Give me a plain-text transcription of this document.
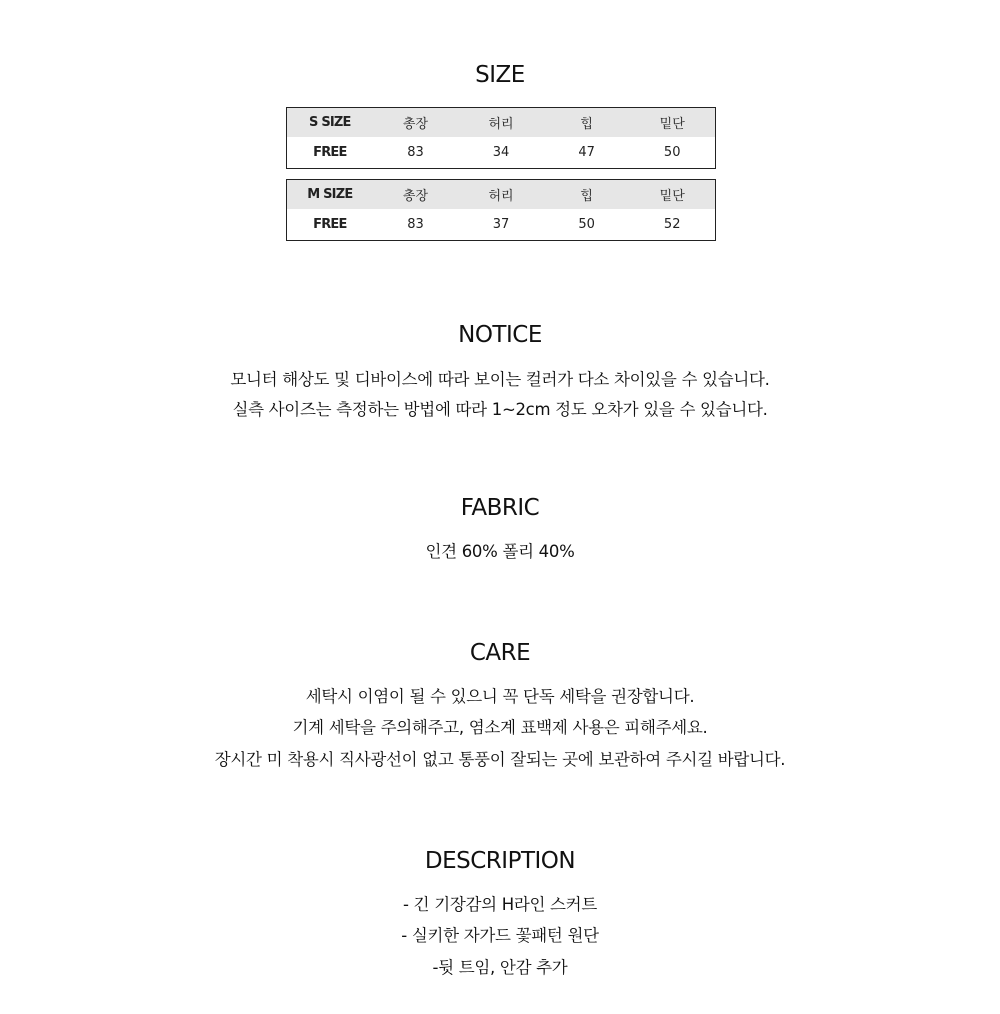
SIZE
S SIZE	총장	허리	힙	밑단
FREE	83	34	47	50
M SIZE	총장	허리	힙	밑단
FREE	83	37	50	52
NOTICE
모니터 해상도 및 디바이스에 따라 보이는 컬러가 다소 차이있을 수 있습니다.
실측 사이즈는 측정하는 방법에 따라 1~2cm 정도 오차가 있을 수 있습니다.
FABRIC
인견 60% 폴리 40%
CARE
세탁시 이염이 될 수 있으니 꼭 단독 세탁을 권장합니다.
기계 세탁을 주의해주고, 염소계 표백제 사용은 피해주세요.
장시간 미 착용시 직사광선이 없고 통풍이 잘되는 곳에 보관하여 주시길 바랍니다.
DESCRIPTION
- 긴 기장감의 H라인 스커트
- 실키한 자가드 꽃패턴 원단
-뒷 트임, 안감 추가
